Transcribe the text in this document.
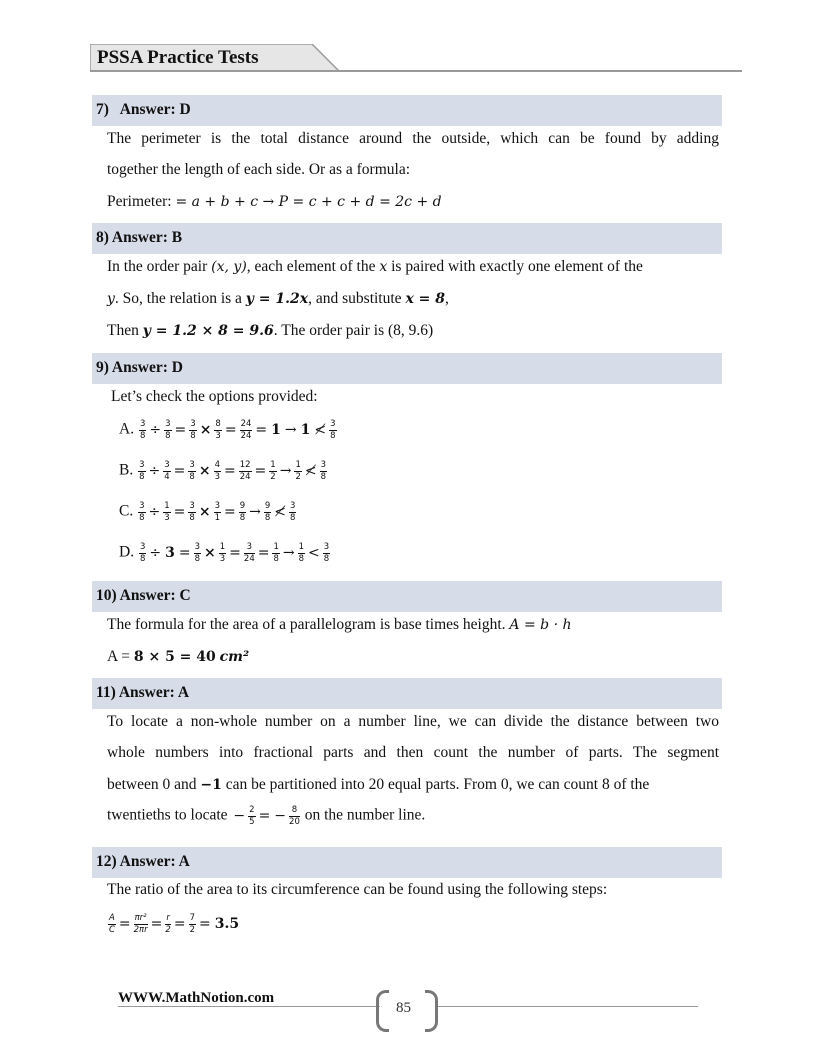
PSSA Practice Tests
7) Answer: D
The perimeter is the total distance around the outside, which can be found by adding
together the length of each side. Or as a formula:
Perimeter: = a + b + c → P = c + c + d = 2c + d
8) Answer: B
In the order pair (x, y), each element of the x is paired with exactly one element of the
y. So, the relation is a y = 1.2x, and substitute x = 8,
Then y = 1.2 × 8 = 9.6. The order pair is (8, 9.6)
9) Answer: D
Let’s check the options provided:
A. $\frac{3}{8} \div \frac{3}{8} = \frac{3}{8} \times \frac{8}{3} = \frac{24}{24} = 1 \to 1$ ≮ $\frac{3}{8}$
B. $\frac{3}{8} \div \frac{3}{4} = \frac{3}{8} \times \frac{4}{3} = \frac{12}{24} = \frac{1}{2} \to \frac{1}{2}$ ≮ $\frac{3}{8}$
C. $\frac{3}{8} \div \frac{1}{3} = \frac{3}{8} \times \frac{3}{1} = \frac{9}{8} \to \frac{9}{8}$ ≮ $\frac{3}{8}$
D. $\frac{3}{8} \div 3 = \frac{3}{8} \times \frac{1}{3} = \frac{3}{24} = \frac{1}{8} \to \frac{1}{8} < \frac{3}{8}$
10) Answer: C
The formula for the area of a parallelogram is base times height. A = b · h
A = 8 × 5 = 40 cm²
11) Answer: A
To locate a non-whole number on a number line, we can divide the distance between two
whole numbers into fractional parts and then count the number of parts. The segment
between 0 and −1 can be partitioned into 20 equal parts. From 0, we can count 8 of the
twentieths to locate − $\frac{2}{5}$ = − $\frac{8}{20}$ on the number line.
12) Answer: A
The ratio of the area to its circumference can be found using the following steps:
$\frac{A}{C} = \frac{\text{πr²}}{2\pi r} = \frac{r}{2} = \frac{7}{2} = 3.5$
WWW.MathNotion.com
85
